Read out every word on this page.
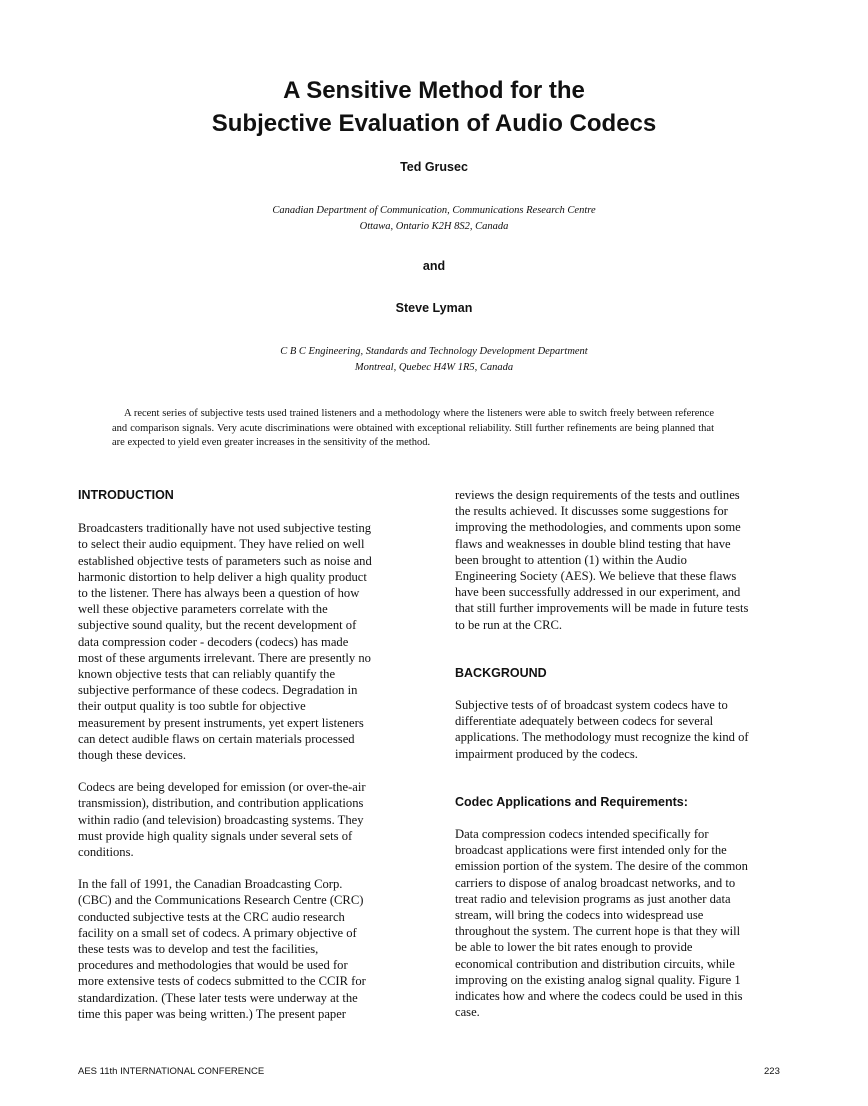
A Sensitive Method for the
Subjective Evaluation of Audio Codecs
Ted Grusec
Canadian Department of Communication, Communications Research Centre
Ottawa, Ontario K2H 8S2, Canada
and
Steve Lyman
C B C Engineering, Standards and Technology Development Department
Montreal, Quebec H4W 1R5, Canada
A recent series of subjective tests used trained listeners and a methodology where the listeners were able to switch freely between reference and comparison signals. Very acute discriminations were obtained with exceptional reliability. Still further refinements are being planned that are expected to yield even greater increases in the sensitivity of the method.
INTRODUCTION
Broadcasters traditionally have not used subjective testing
to select their audio equipment. They have relied on well
established objective tests of parameters such as noise and
harmonic distortion to help deliver a high quality product
to the listener. There has always been a question of how
well these objective parameters correlate with the
subjective sound quality, but the recent development of
data compression coder - decoders (codecs) has made
most of these arguments irrelevant. There are presently no
known objective tests that can reliably quantify the
subjective performance of these codecs. Degradation in
their output quality is too subtle for objective
measurement by present instruments, yet expert listeners
can detect audible flaws on certain materials processed
though these devices.
Codecs are being developed for emission (or over-the-air
transmission), distribution, and contribution applications
within radio (and television) broadcasting systems. They
must provide high quality signals under several sets of
conditions.
In the fall of 1991, the Canadian Broadcasting Corp.
(CBC) and the Communications Research Centre (CRC)
conducted subjective tests at the CRC audio research
facility on a small set of codecs. A primary objective of
these tests was to develop and test the facilities,
procedures and methodologies that would be used for
more extensive tests of codecs submitted to the CCIR for
standardization. (These later tests were underway at the
time this paper was being written.) The present paper
reviews the design requirements of the tests and outlines
the results achieved. It discusses some suggestions for
improving the methodologies, and comments upon some
flaws and weaknesses in double blind testing that have
been brought to attention (1) within the Audio
Engineering Society (AES). We believe that these flaws
have been successfully addressed in our experiment, and
that still further improvements will be made in future tests
to be run at the CRC.
BACKGROUND
Subjective tests of of broadcast system codecs have to
differentiate adequately between codecs for several
applications. The methodology must recognize the kind of
impairment produced by the codecs.
Codec Applications and Requirements:
Data compression codecs intended specifically for
broadcast applications were first intended only for the
emission portion of the system. The desire of the common
carriers to dispose of analog broadcast networks, and to
treat radio and television programs as just another data
stream, will bring the codecs into widespread use
throughout the system. The current hope is that they will
be able to lower the bit rates enough to provide
economical contribution and distribution circuits, while
improving on the existing analog signal quality. Figure 1
indicates how and where the codecs could be used in this
case.
AES 11th INTERNATIONAL CONFERENCE	223
